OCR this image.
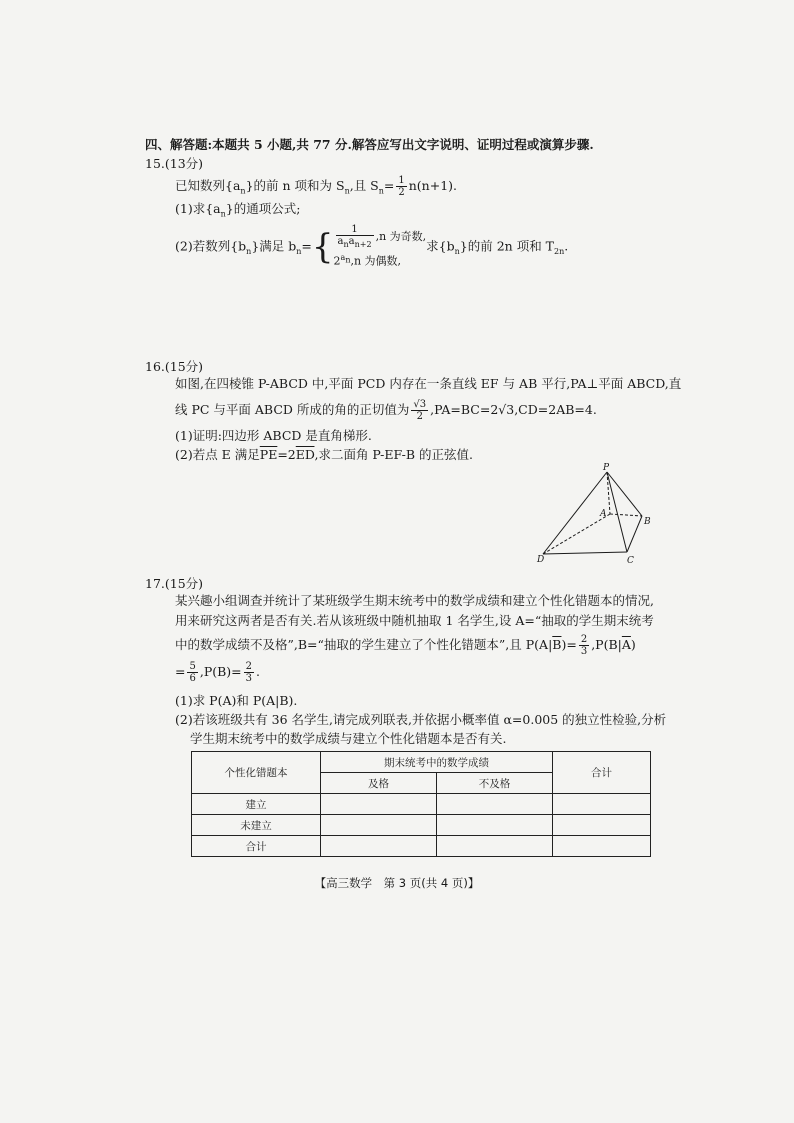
四、解答题:本题共 5 小题,共 77 分.解答应写出文字说明、证明过程或演算步骤.
15.(13分)
已知数列$\{a_n\}$的前 n 项和为 $S_n$,且 $S_n= \frac{1}{2} n(n+1)$.
(1)求$\{a_n\}$的通项公式;
(2)若数列$\{b_n\}$满足 $b_n=\{ \frac{1}{a_na_{n+2}} ,n$ 为奇数,
$2^{a_n},n$ 为偶数,
求$\{b_n\}$的前 2n 项和 $T_{2n}$.
16.(15分)
如图,在四棱锥 P-ABCD 中,平面 PCD 内存在一条直线 EF 与 AB 平行,PA⊥平面 ABCD,直
线 PC 与平面 ABCD 所成的角的正切值为 $\frac{√3}{2} ,PA=BC=2√3,CD=2AB=4$.
(1)证明:四边形 ABCD 是直角梯形.
(2)若点 E 满足$\overline{PE}=2\overline{ED}$,求二面角 P-EF-B 的正弦值.
P
A
B
C
D
17.(15分)
某兴趣小组调查并统计了某班级学生期末统考中的数学成绩和建立个性化错题本的情况,
用来研究这两者是否有关.若从该班级中随机抽取 1 名学生,设 A=“抽取的学生期末统考
中的数学成绩不及格”,B=“抽取的学生建立了个性化错题本”,且 $P(A|\overline{B})= \frac{2}{3} ,P(B|\overline{A})$
= $\frac{5}{6} ,P(B)= \frac{2}{3}$ .
(1)求 P(A)和 P(A|B).
(2)若该班级共有 36 名学生,请完成列联表,并依据小概率值 α=0.005 的独立性检验,分析
学生期末统考中的数学成绩与建立个性化错题本是否有关.
个性化错题本	期末统考中的数学成绩		合计
	及格	不及格	
建立			
未建立			
合计			
【高三数学　第 3 页(共 4 页)】
